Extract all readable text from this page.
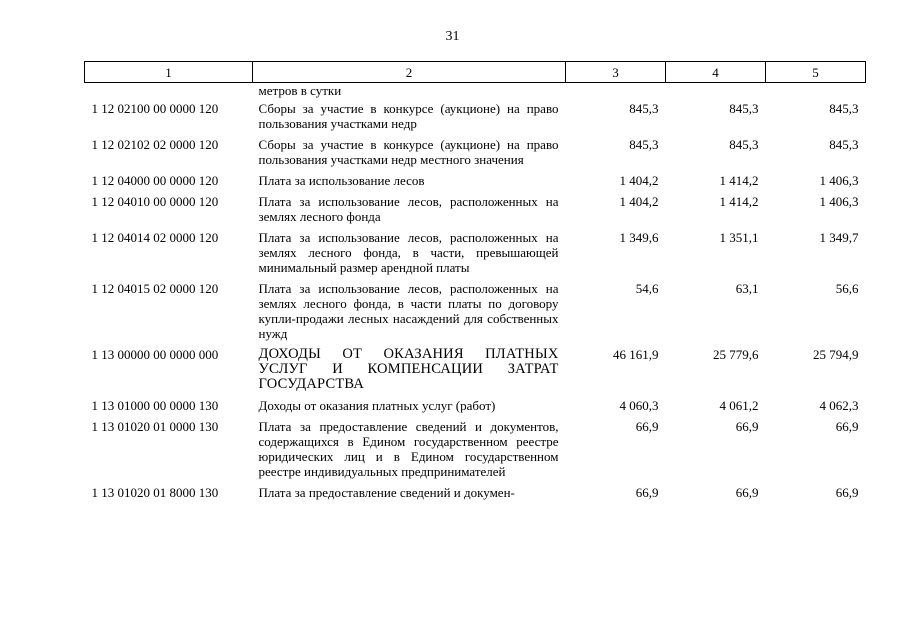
31
1	2	3	4	5
	метров в сутки			
1 12 02100 00 0000 120	Сборы за участие в конкурсе (аукционе) на право пользования участками недр	845,3	845,3	845,3
1 12 02102 02 0000 120	Сборы за участие в конкурсе (аукционе) на право пользования участками недр местного значения	845,3	845,3	845,3
1 12 04000 00 0000 120	Плата за использование лесов	1 404,2	1 414,2	1 406,3
1 12 04010 00 0000 120	Плата за использование лесов, расположенных на землях лесного фонда	1 404,2	1 414,2	1 406,3
1 12 04014 02 0000 120	Плата за использование лесов, расположенных на землях лесного фонда, в части, превышающей минимальный размер арендной платы	1 349,6	1 351,1	1 349,7
1 12 04015 02 0000 120	Плата за использование лесов, расположенных на землях лесного фонда, в части платы по договору купли-продажи лесных насаждений для собственных нужд	54,6	63,1	56,6
1 13 00000 00 0000 000	ДОХОДЫ ОТ ОКАЗАНИЯ ПЛАТНЫХ УСЛУГ И КОМПЕНСАЦИИ ЗАТРАТ ГОСУДАРСТВА	46 161,9	25 779,6	25 794,9
1 13 01000 00 0000 130	Доходы от оказания платных услуг (работ)	4 060,3	4 061,2	4 062,3
1 13 01020 01 0000 130	Плата за предоставление сведений и документов, содержащихся в Едином государственном реестре юридических лиц и в Едином государственном реестре индивидуальных предпринимателей	66,9	66,9	66,9
1 13 01020 01 8000 130	Плата за предоставление сведений и докумен-	66,9	66,9	66,9
